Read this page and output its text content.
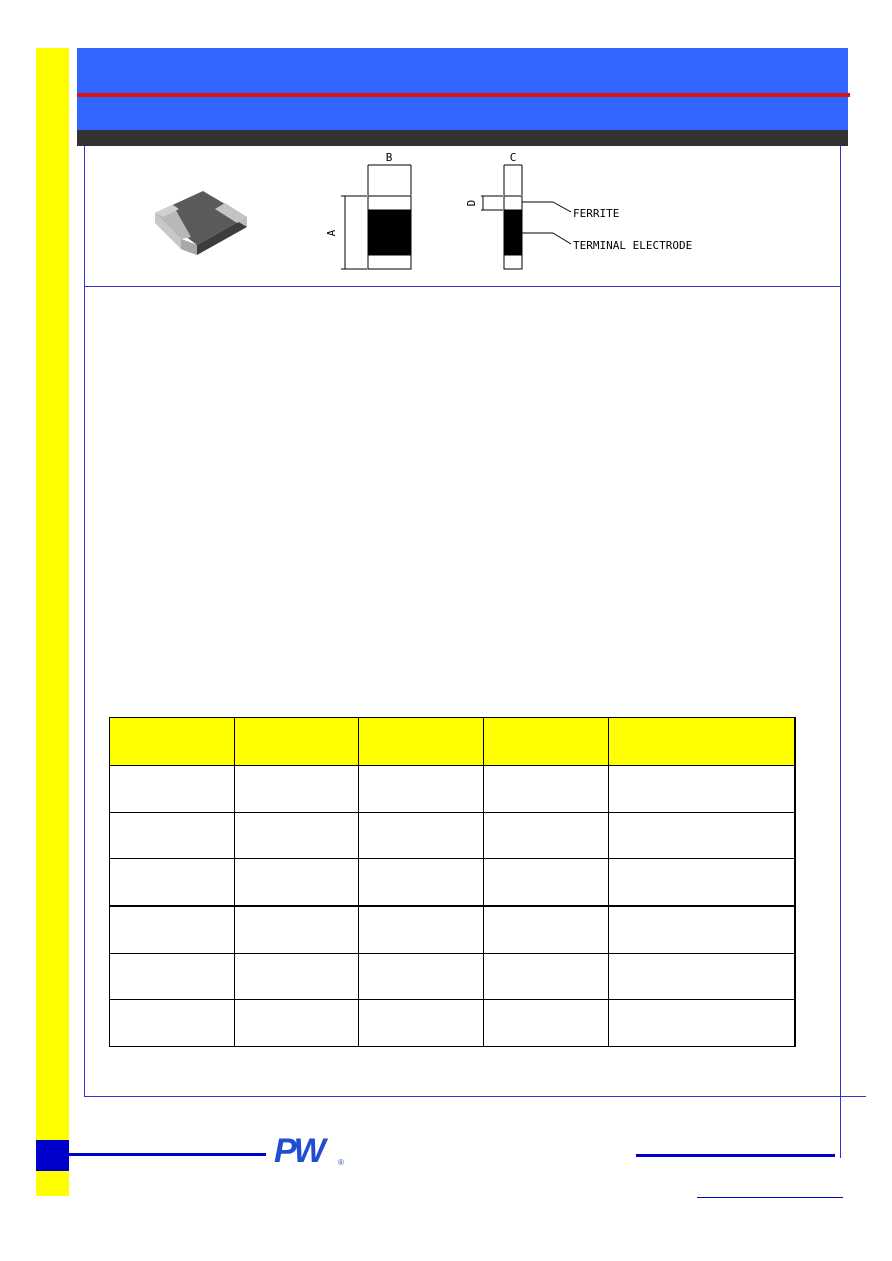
B	C
A
D
FERRITE
TERMINAL ELECTRODE

PW	®
